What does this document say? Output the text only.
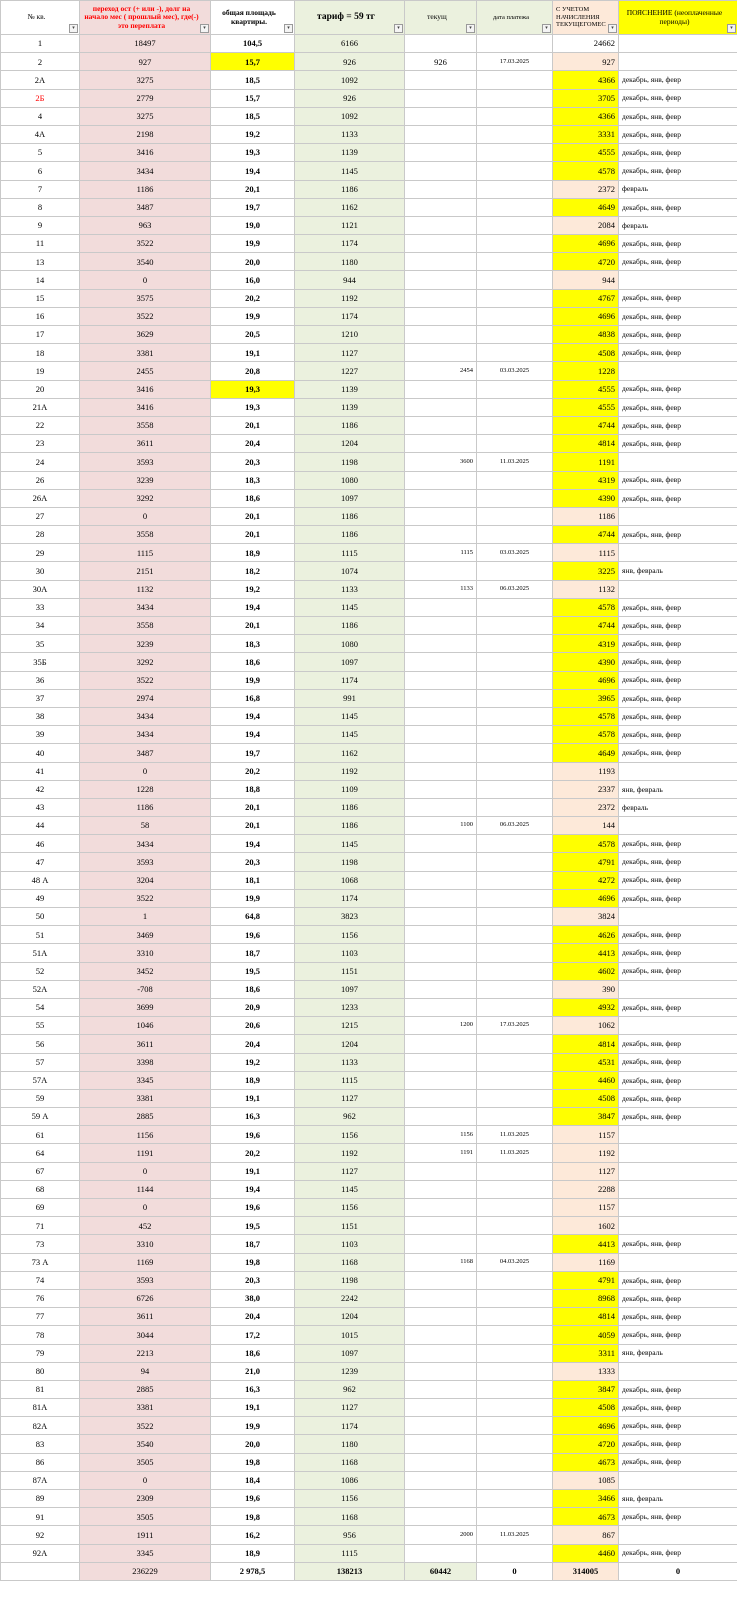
№ кв.
▾	переход ост (+ или -), долг на начало мес ( прошлый мес), где(-) это переплата ▾	общая площадь квартиры.
▾	тариф = 59 тг
▾	текущ
▾	дата платежа
▾	С УЧЕТОМ НАЧИСЛЕНИЯ ТЕКУЩЕГОМЕС
▾	ПОЯСНЕНИЕ (неоплаченные периоды)
▾

1	18497	104,5	6166			24662	
2	927	15,7	926	926	17.03.2025	927	
2А	3275	18,5	1092			4366	декабрь, янв, февр
2Б	2779	15,7	926			3705	декабрь, янв, февр
4	3275	18,5	1092			4366	декабрь, янв, февр
4А	2198	19,2	1133			3331	декабрь, янв, февр
5	3416	19,3	1139			4555	декабрь, янв, февр
6	3434	19,4	1145			4578	декабрь, янв, февр
7	1186	20,1	1186			2372	февраль
8	3487	19,7	1162			4649	декабрь, янв, февр
9	963	19,0	1121			2084	февраль
11	3522	19,9	1174			4696	декабрь, янв, февр
13	3540	20,0	1180			4720	декабрь, янв, февр
14	0	16,0	944			944	
15	3575	20,2	1192			4767	декабрь, янв, февр
16	3522	19,9	1174			4696	декабрь, янв, февр
17	3629	20,5	1210			4838	декабрь, янв, февр
18	3381	19,1	1127			4508	декабрь, янв, февр
19	2455	20,8	1227	2454	03.03.2025	1228	
20	3416	19,3	1139			4555	декабрь, янв, февр
21А	3416	19,3	1139			4555	декабрь, янв, февр
22	3558	20,1	1186			4744	декабрь, янв, февр
23	3611	20,4	1204			4814	декабрь, янв, февр
24	3593	20,3	1198	3600	11.03.2025	1191	
26	3239	18,3	1080			4319	декабрь, янв, февр
26А	3292	18,6	1097			4390	декабрь, янв, февр
27	0	20,1	1186			1186	
28	3558	20,1	1186			4744	декабрь, янв, февр
29	1115	18,9	1115	1115	03.03.2025	1115	
30	2151	18,2	1074			3225	янв, февраль
30А	1132	19,2	1133	1133	06.03.2025	1132	
33	3434	19,4	1145			4578	декабрь, янв, февр
34	3558	20,1	1186			4744	декабрь, янв, февр
35	3239	18,3	1080			4319	декабрь, янв, февр
35Б	3292	18,6	1097			4390	декабрь, янв, февр
36	3522	19,9	1174			4696	декабрь, янв, февр
37	2974	16,8	991			3965	декабрь, янв, февр
38	3434	19,4	1145			4578	декабрь, янв, февр
39	3434	19,4	1145			4578	декабрь, янв, февр
40	3487	19,7	1162			4649	декабрь, янв, февр
41	0	20,2	1192			1193	
42	1228	18,8	1109			2337	янв, февраль
43	1186	20,1	1186			2372	февраль
44	58	20,1	1186	1100	06.03.2025	144	
46	3434	19,4	1145			4578	декабрь, янв, февр
47	3593	20,3	1198			4791	декабрь, янв, февр
48 А	3204	18,1	1068			4272	декабрь, янв, февр
49	3522	19,9	1174			4696	декабрь, янв, февр
50	1	64,8	3823			3824	
51	3469	19,6	1156			4626	декабрь, янв, февр
51А	3310	18,7	1103			4413	декабрь, янв, февр
52	3452	19,5	1151			4602	декабрь, янв, февр
52А	-708	18,6	1097			390	
54	3699	20,9	1233			4932	декабрь, янв, февр
55	1046	20,6	1215	1200	17.03.2025	1062	
56	3611	20,4	1204			4814	декабрь, янв, февр
57	3398	19,2	1133			4531	декабрь, янв, февр
57А	3345	18,9	1115			4460	декабрь, янв, февр
59	3381	19,1	1127			4508	декабрь, янв, февр
59 А	2885	16,3	962			3847	декабрь, янв, февр
61	1156	19,6	1156	1156	11.03.2025	1157	
64	1191	20,2	1192	1191	11.03.2025	1192	
67	0	19,1	1127			1127	
68	1144	19,4	1145			2288	
69	0	19,6	1156			1157	
71	452	19,5	1151			1602	
73	3310	18,7	1103			4413	декабрь, янв, февр
73 А	1169	19,8	1168	1168	04.03.2025	1169	
74	3593	20,3	1198			4791	декабрь, янв, февр
76	6726	38,0	2242			8968	декабрь, янв, февр
77	3611	20,4	1204			4814	декабрь, янв, февр
78	3044	17,2	1015			4059	декабрь, янв, февр
79	2213	18,6	1097			3311	янв, февраль
80	94	21,0	1239			1333	
81	2885	16,3	962			3847	декабрь, янв, февр
81А	3381	19,1	1127			4508	декабрь, янв, февр
82А	3522	19,9	1174			4696	декабрь, янв, февр
83	3540	20,0	1180			4720	декабрь, янв, февр
86	3505	19,8	1168			4673	декабрь, янв, февр
87А	0	18,4	1086			1085	
89	2309	19,6	1156			3466	янв, февраль
91	3505	19,8	1168			4673	декабрь, янв, февр
92	1911	16,2	956	2000	11.03.2025	867	
92А	3345	18,9	1115			4460	декабрь, янв, февр
	236229	2 978,5	138213	60442	0	314005	0
